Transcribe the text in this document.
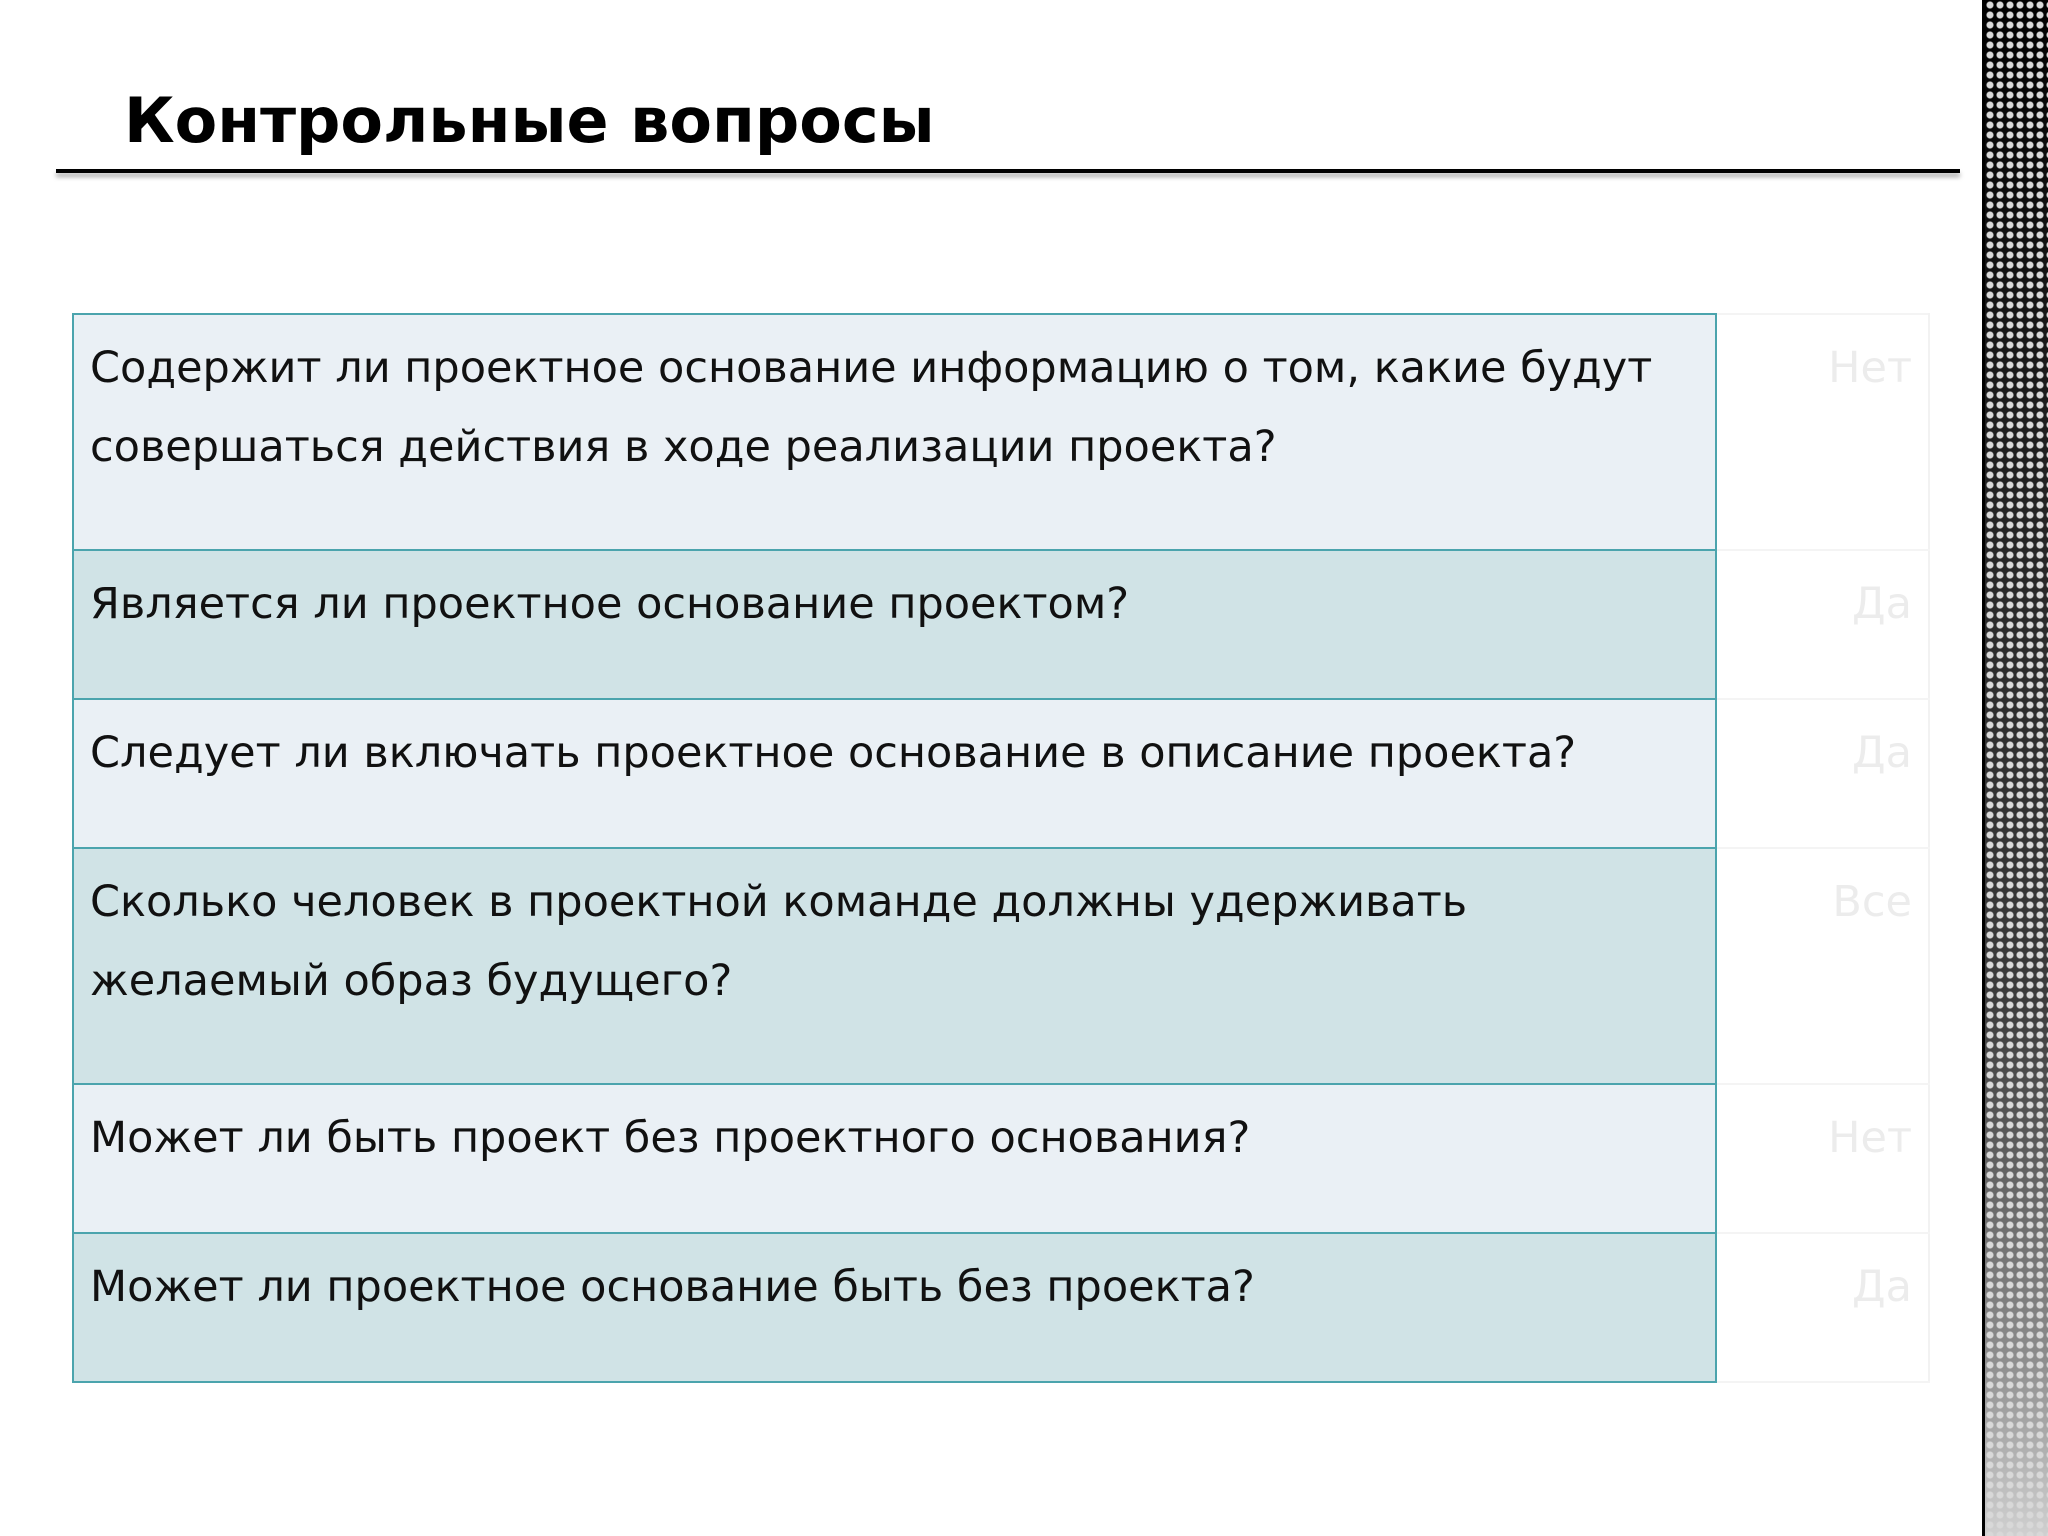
Контрольные вопросы
Содержит ли проектное основание информацию о том, какие будут совершаться действия в ходе реализации проекта?	Нет
Является ли проектное основание проектом?	Да
Следует ли включать проектное основание в описание проекта?	Да
Сколько человек в проектной команде должны удерживать желаемый образ будущего?	Все
Может ли быть проект без проектного основания?	Нет
Может ли проектное основание быть без проекта?	Да
